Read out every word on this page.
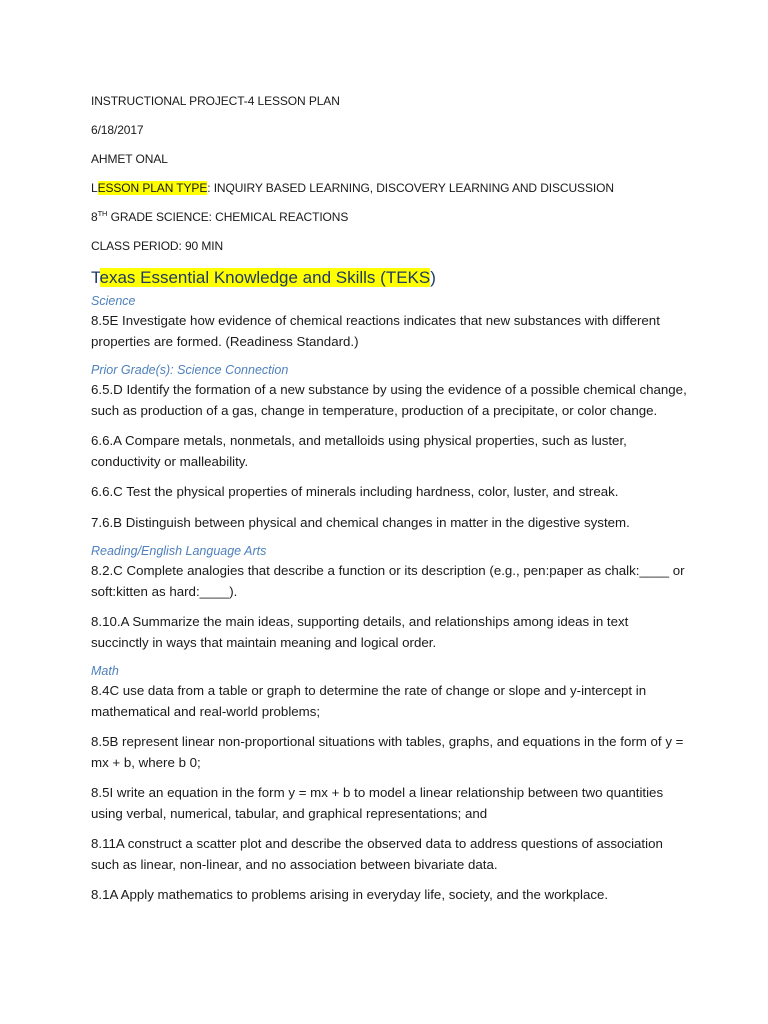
INSTRUCTIONAL PROJECT-4 LESSON PLAN
6/18/2017
AHMET ONAL
LESSON PLAN TYPE: INQUIRY BASED LEARNING, DISCOVERY LEARNING AND DISCUSSION
8TH GRADE SCIENCE: CHEMICAL REACTIONS
CLASS PERIOD: 90 MIN
Texas Essential Knowledge and Skills (TEKS)
Science
8.5E Investigate how evidence of chemical reactions indicates that new substances with different properties are formed. (Readiness Standard.)
Prior Grade(s): Science Connection
6.5.D Identify the formation of a new substance by using the evidence of a possible chemical change, such as production of a gas, change in temperature, production of a precipitate, or color change.
6.6.A Compare metals, nonmetals, and metalloids using physical properties, such as luster, conductivity or malleability.
6.6.C Test the physical properties of minerals including hardness, color, luster, and streak.
7.6.B Distinguish between physical and chemical changes in matter in the digestive system.
Reading/English Language Arts
8.2.C Complete analogies that describe a function or its description (e.g., pen:paper as chalk:____ or soft:kitten as hard:____).
8.10.A Summarize the main ideas, supporting details, and relationships among ideas in text succinctly in ways that maintain meaning and logical order.
Math
8.4C use data from a table or graph to determine the rate of change or slope and y-intercept in mathematical and real-world problems;
8.5B represent linear non-proportional situations with tables, graphs, and equations in the form of y = mx + b, where b 0;
8.5I write an equation in the form y = mx + b to model a linear relationship between two quantities using verbal, numerical, tabular, and graphical representations; and
8.11A construct a scatter plot and describe the observed data to address questions of association such as linear, non-linear, and no association between bivariate data.
8.1A Apply mathematics to problems arising in everyday life, society, and the workplace.
